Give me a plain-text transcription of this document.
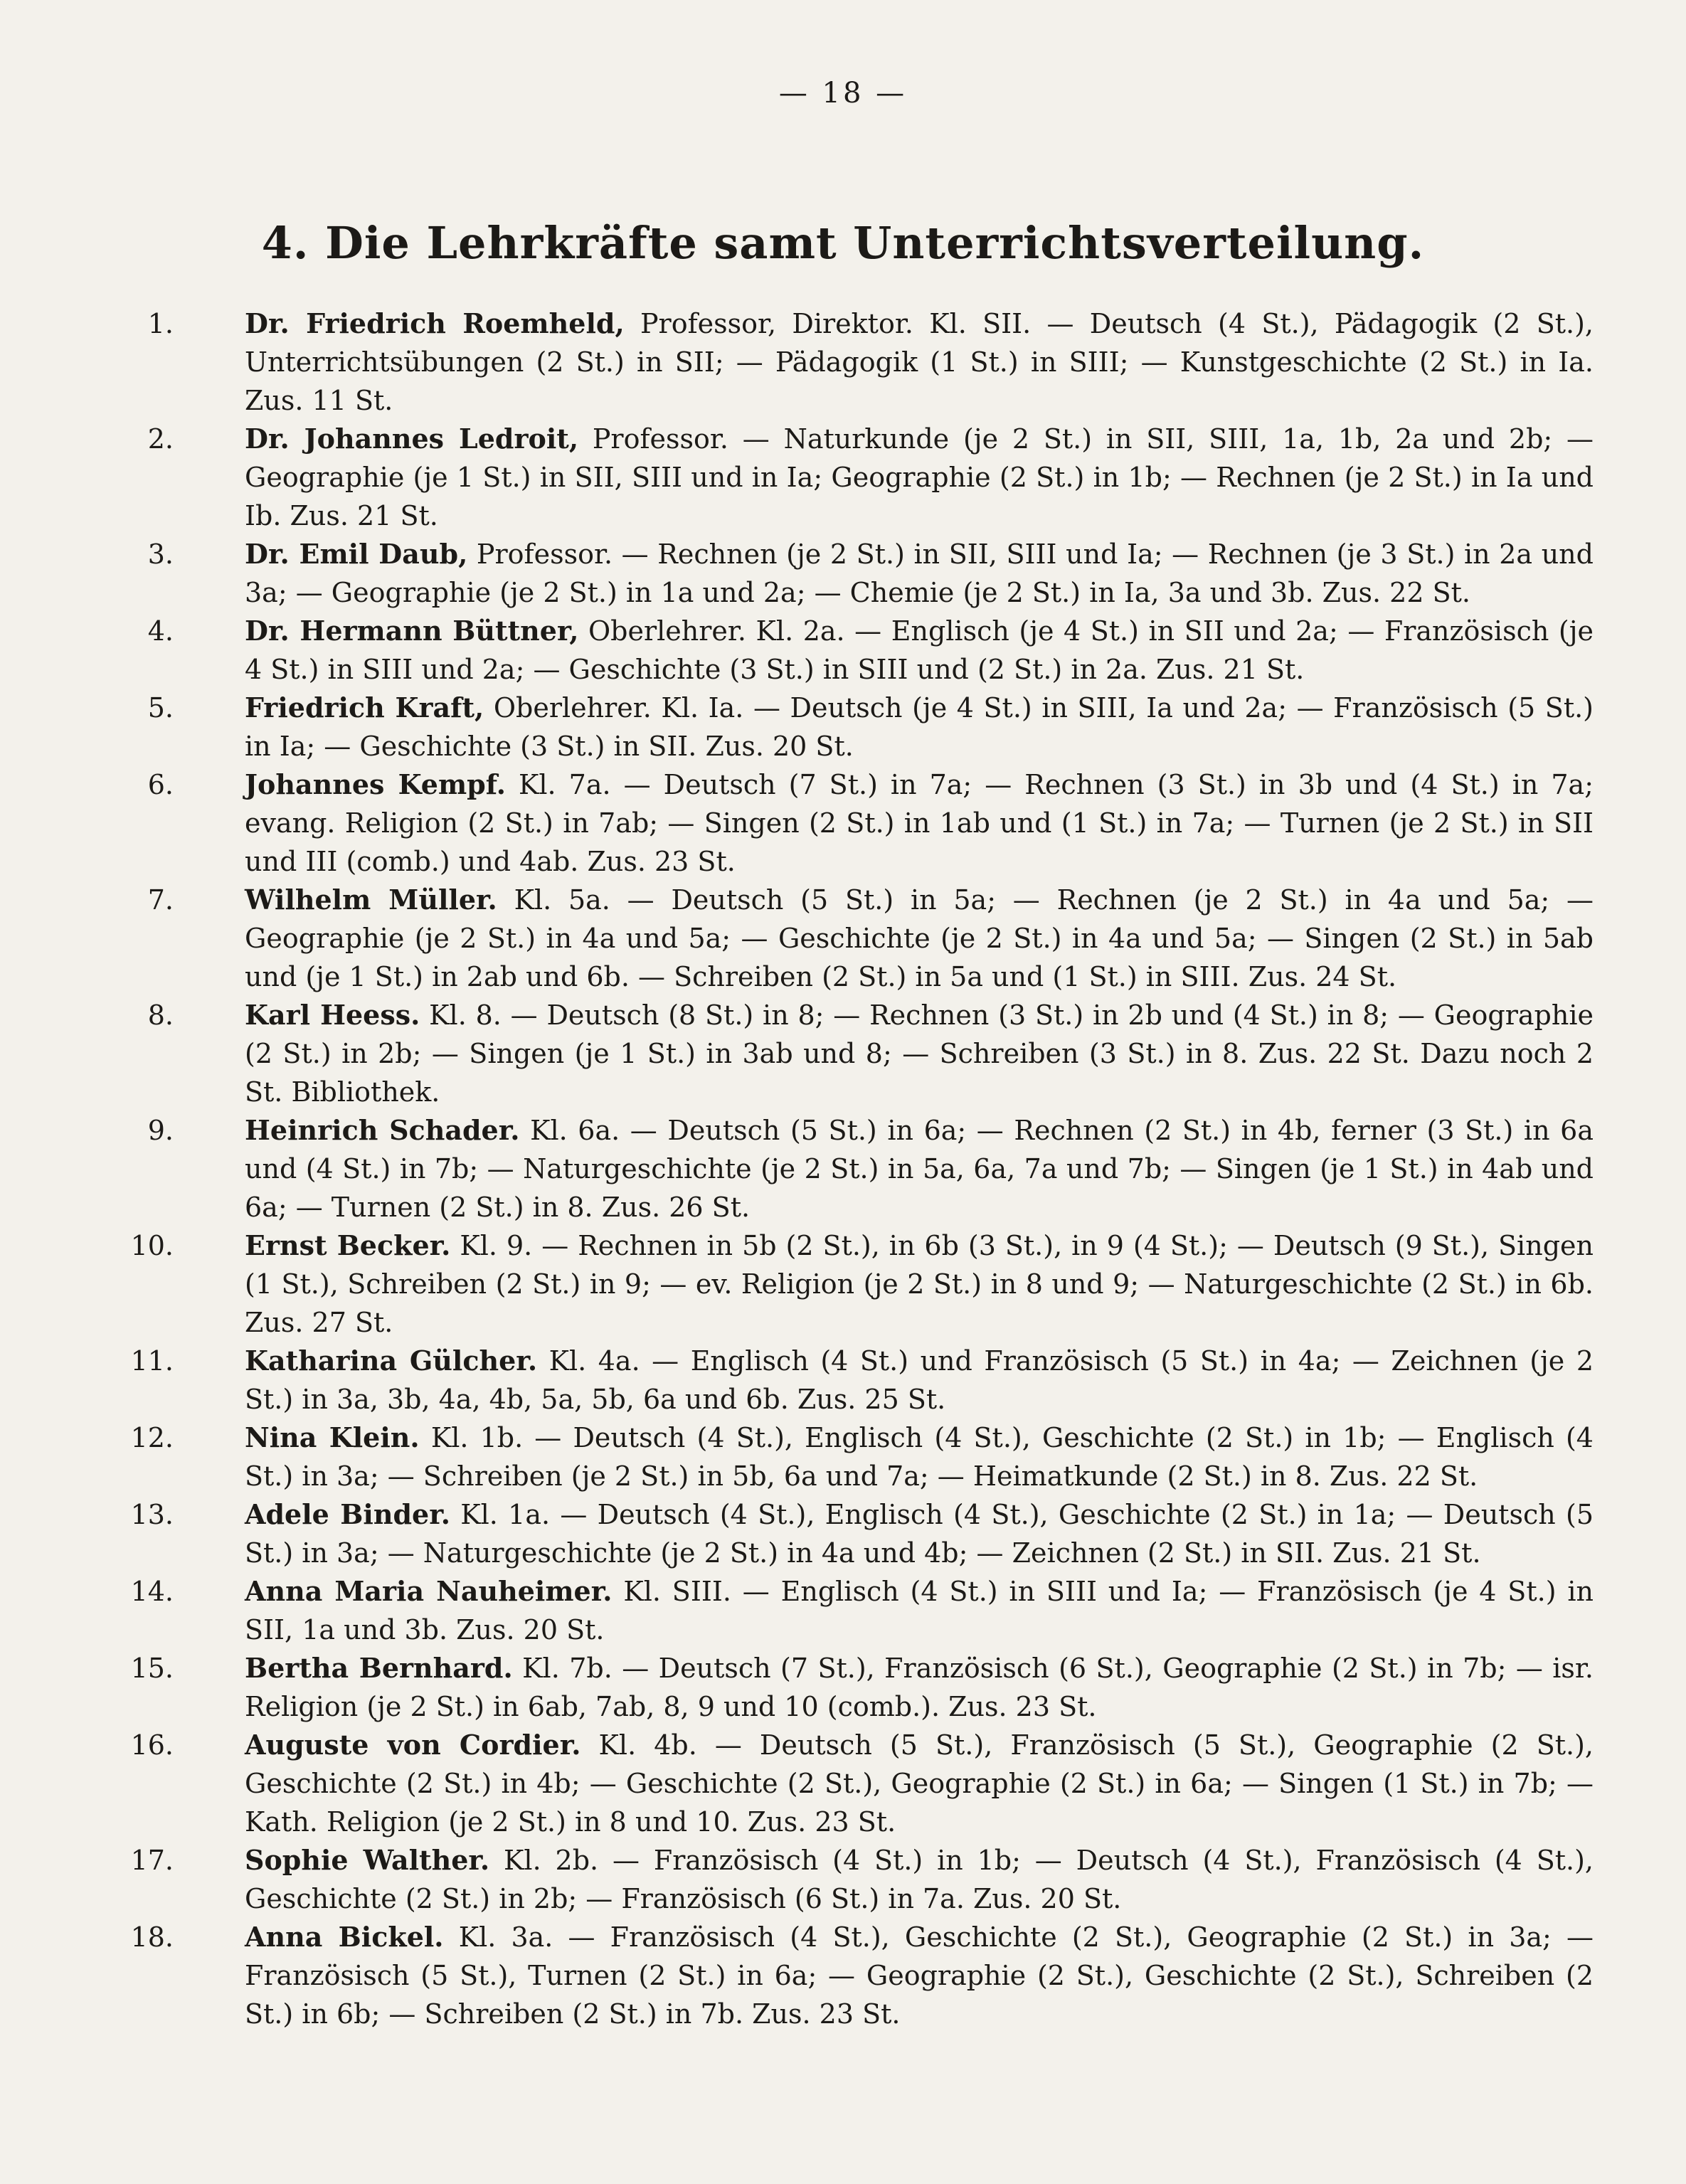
— 18 —
4. Die Lehrkräfte samt Unterrichtsverteilung.
1.	Dr. Friedrich Roemheld, Professor, Direktor. Kl. SII. — Deutsch (4 St.), Pädagogik (2 St.), Unterrichtsübungen (2 St.) in SII; — Pädagogik (1 St.) in SIII; — Kunstgeschichte (2 St.) in Ia. Zus. 11 St.
2.	Dr. Johannes Ledroit, Professor. — Naturkunde (je 2 St.) in SII, SIII, 1a, 1b, 2a und 2b; — Geographie (je 1 St.) in SII, SIII und in Ia; Geographie (2 St.) in 1b; — Rechnen (je 2 St.) in Ia und Ib. Zus. 21 St.
3.	Dr. Emil Daub, Professor. — Rechnen (je 2 St.) in SII, SIII und Ia; — Rechnen (je 3 St.) in 2a und 3a; — Geographie (je 2 St.) in 1a und 2a; — Chemie (je 2 St.) in Ia, 3a und 3b. Zus. 22 St.
4.	Dr. Hermann Büttner, Oberlehrer. Kl. 2a. — Englisch (je 4 St.) in SII und 2a; — Französisch (je 4 St.) in SIII und 2a; — Geschichte (3 St.) in SIII und (2 St.) in 2a. Zus. 21 St.
5.	Friedrich Kraft, Oberlehrer. Kl. Ia. — Deutsch (je 4 St.) in SIII, Ia und 2a; — Französisch (5 St.) in Ia; — Geschichte (3 St.) in SII. Zus. 20 St.
6.	Johannes Kempf. Kl. 7a. — Deutsch (7 St.) in 7a; — Rechnen (3 St.) in 3b und (4 St.) in 7a; evang. Religion (2 St.) in 7ab; — Singen (2 St.) in 1ab und (1 St.) in 7a; — Turnen (je 2 St.) in SII und III (comb.) und 4ab. Zus. 23 St.
7.	Wilhelm Müller. Kl. 5a. — Deutsch (5 St.) in 5a; — Rechnen (je 2 St.) in 4a und 5a; — Geographie (je 2 St.) in 4a und 5a; — Geschichte (je 2 St.) in 4a und 5a; — Singen (2 St.) in 5ab und (je 1 St.) in 2ab und 6b. — Schreiben (2 St.) in 5a und (1 St.) in SIII. Zus. 24 St.
8.	Karl Heess. Kl. 8. — Deutsch (8 St.) in 8; — Rechnen (3 St.) in 2b und (4 St.) in 8; — Geographie (2 St.) in 2b; — Singen (je 1 St.) in 3ab und 8; — Schreiben (3 St.) in 8. Zus. 22 St. Dazu noch 2 St. Bibliothek.
9.	Heinrich Schader. Kl. 6a. — Deutsch (5 St.) in 6a; — Rechnen (2 St.) in 4b, ferner (3 St.) in 6a und (4 St.) in 7b; — Naturgeschichte (je 2 St.) in 5a, 6a, 7a und 7b; — Singen (je 1 St.) in 4ab und 6a; — Turnen (2 St.) in 8. Zus. 26 St.
10.	Ernst Becker. Kl. 9. — Rechnen in 5b (2 St.), in 6b (3 St.), in 9 (4 St.); — Deutsch (9 St.), Singen (1 St.), Schreiben (2 St.) in 9; — ev. Religion (je 2 St.) in 8 und 9; — Naturgeschichte (2 St.) in 6b. Zus. 27 St.
11.	Katharina Gülcher. Kl. 4a. — Englisch (4 St.) und Französisch (5 St.) in 4a; — Zeichnen (je 2 St.) in 3a, 3b, 4a, 4b, 5a, 5b, 6a und 6b. Zus. 25 St.
12.	Nina Klein. Kl. 1b. — Deutsch (4 St.), Englisch (4 St.), Geschichte (2 St.) in 1b; — Englisch (4 St.) in 3a; — Schreiben (je 2 St.) in 5b, 6a und 7a; — Heimatkunde (2 St.) in 8. Zus. 22 St.
13.	Adele Binder. Kl. 1a. — Deutsch (4 St.), Englisch (4 St.), Geschichte (2 St.) in 1a; — Deutsch (5 St.) in 3a; — Naturgeschichte (je 2 St.) in 4a und 4b; — Zeichnen (2 St.) in SII. Zus. 21 St.
14.	Anna Maria Nauheimer. Kl. SIII. — Englisch (4 St.) in SIII und Ia; — Französisch (je 4 St.) in SII, 1a und 3b. Zus. 20 St.
15.	Bertha Bernhard. Kl. 7b. — Deutsch (7 St.), Französisch (6 St.), Geographie (2 St.) in 7b; — isr. Religion (je 2 St.) in 6ab, 7ab, 8, 9 und 10 (comb.). Zus. 23 St.
16.	Auguste von Cordier. Kl. 4b. — Deutsch (5 St.), Französisch (5 St.), Geographie (2 St.), Geschichte (2 St.) in 4b; — Geschichte (2 St.), Geographie (2 St.) in 6a; — Singen (1 St.) in 7b; — Kath. Religion (je 2 St.) in 8 und 10. Zus. 23 St.
17.	Sophie Walther. Kl. 2b. — Französisch (4 St.) in 1b; — Deutsch (4 St.), Französisch (4 St.), Geschichte (2 St.) in 2b; — Französisch (6 St.) in 7a. Zus. 20 St.
18.	Anna Bickel. Kl. 3a. — Französisch (4 St.), Geschichte (2 St.), Geographie (2 St.) in 3a; — Französisch (5 St.), Turnen (2 St.) in 6a; — Geographie (2 St.), Geschichte (2 St.), Schreiben (2 St.) in 6b; — Schreiben (2 St.) in 7b. Zus. 23 St.
